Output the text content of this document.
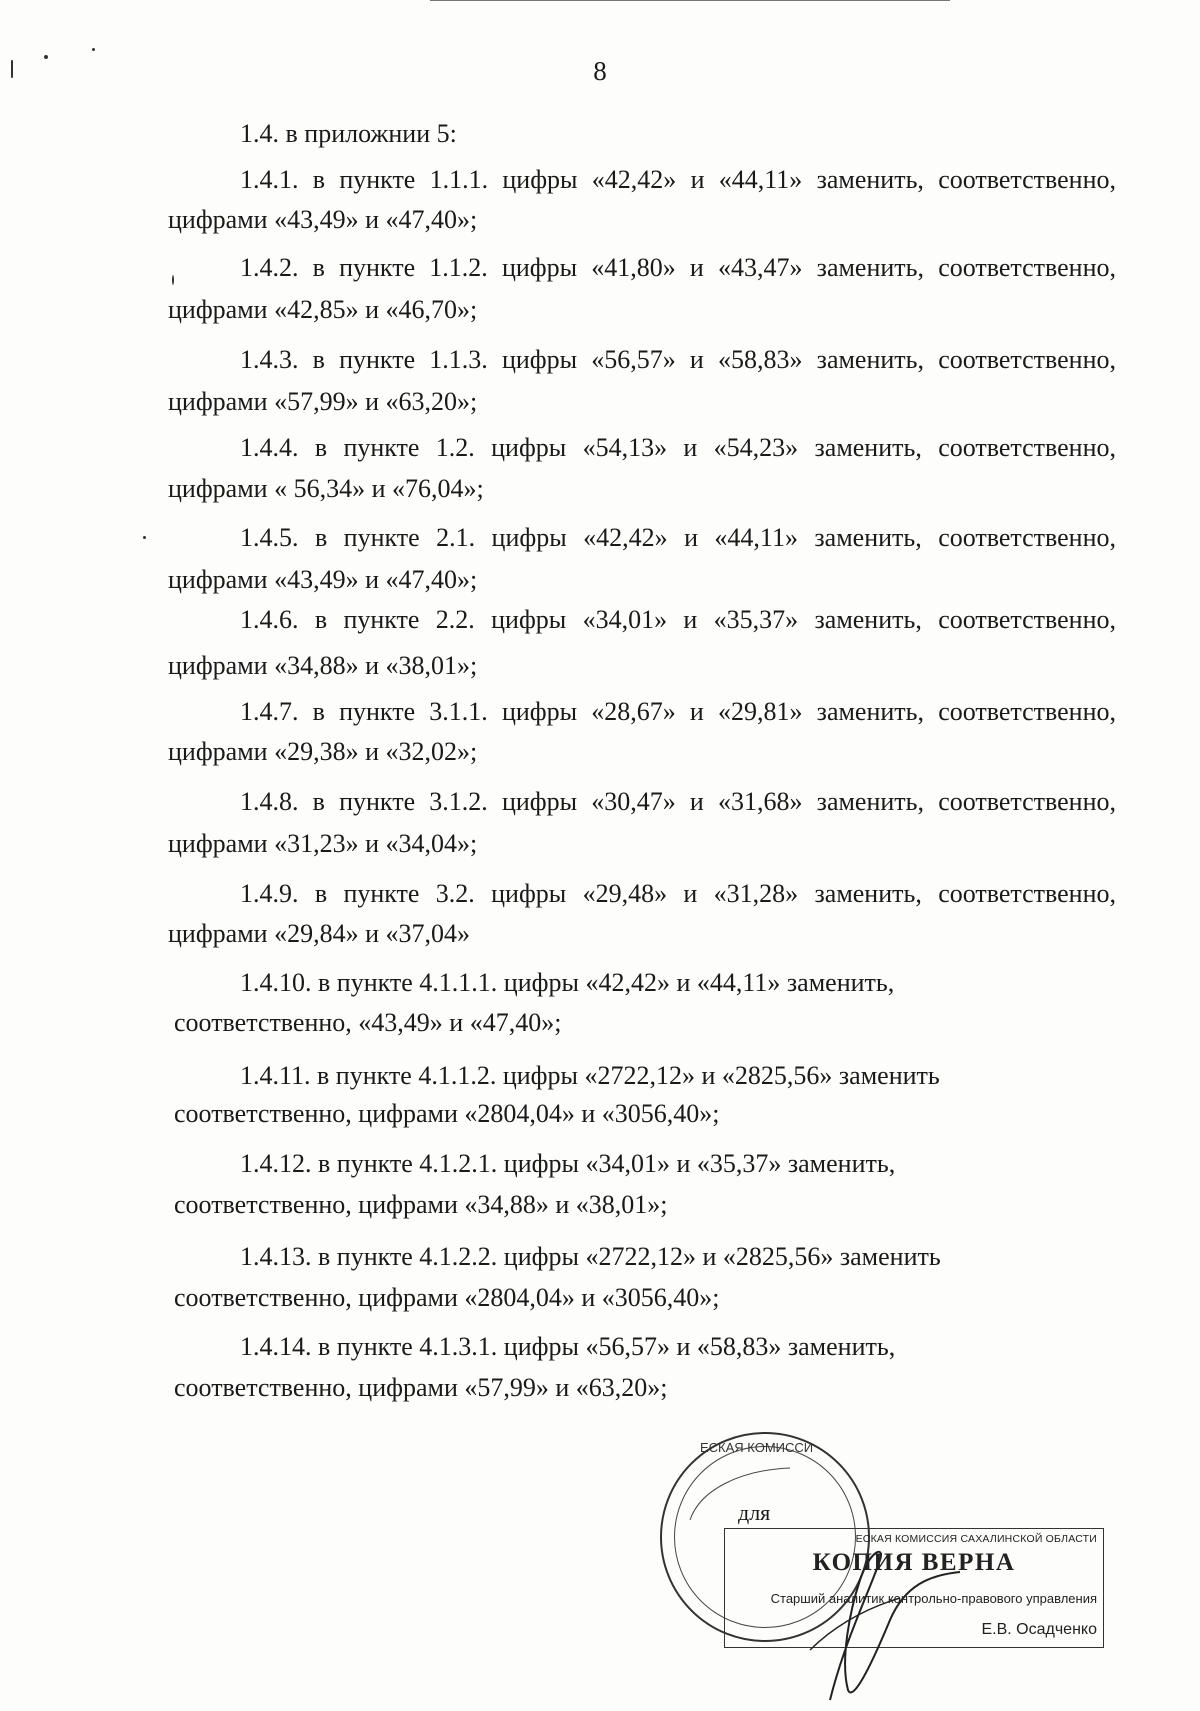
8
1.4. в приложнии 5:
1.4.1. в пункте 1.1.1. цифры «42,42» и «44,11» заменить, соответственно,
цифрами «43,49» и «47,40»;
1.4.2. в пункте 1.1.2. цифры «41,80» и «43,47» заменить, соответственно,
цифрами «42,85» и «46,70»;
1.4.3. в пункте 1.1.3. цифры «56,57» и «58,83» заменить, соответственно,
цифрами «57,99» и «63,20»;
1.4.4. в пункте 1.2. цифры «54,13» и «54,23» заменить, соответственно,
цифрами « 56,34» и «76,04»;
1.4.5. в пункте 2.1. цифры «42,42» и «44,11» заменить, соответственно,
цифрами «43,49» и «47,40»;
1.4.6. в пункте 2.2. цифры «34,01» и «35,37» заменить, соответственно,
цифрами «34,88» и «38,01»;
1.4.7. в пункте 3.1.1. цифры «28,67» и «29,81» заменить, соответственно,
цифрами «29,38» и «32,02»;
1.4.8. в пункте 3.1.2. цифры «30,47» и «31,68» заменить, соответственно,
цифрами «31,23» и «34,04»;
1.4.9. в пункте 3.2. цифры «29,48» и «31,28» заменить, соответственно,
цифрами «29,84» и «37,04»
1.4.10. в пункте 4.1.1.1. цифры «42,42» и «44,11» заменить,
соответственно, «43,49» и «47,40»;
1.4.11. в пункте 4.1.1.2. цифры «2722,12» и «2825,56» заменить
соответственно, цифрами «2804,04» и «3056,40»;
1.4.12. в пункте 4.1.2.1. цифры «34,01» и «35,37» заменить,
соответственно, цифрами «34,88» и «38,01»;
1.4.13. в пункте 4.1.2.2. цифры «2722,12» и «2825,56» заменить
соответственно, цифрами «2804,04» и «3056,40»;
1.4.14. в пункте 4.1.3.1. цифры «56,57» и «58,83» заменить,
соответственно, цифрами «57,99» и «63,20»;
ЕСКАЯ КОМИССИ
для
ЕСКАЯ КОМИССИЯ САХАЛИНСКОЙ ОБЛАСТИ
КОПИЯ ВЕРНА
Старший аналитик контрольно-правового управления
Е.В. Осадченко
